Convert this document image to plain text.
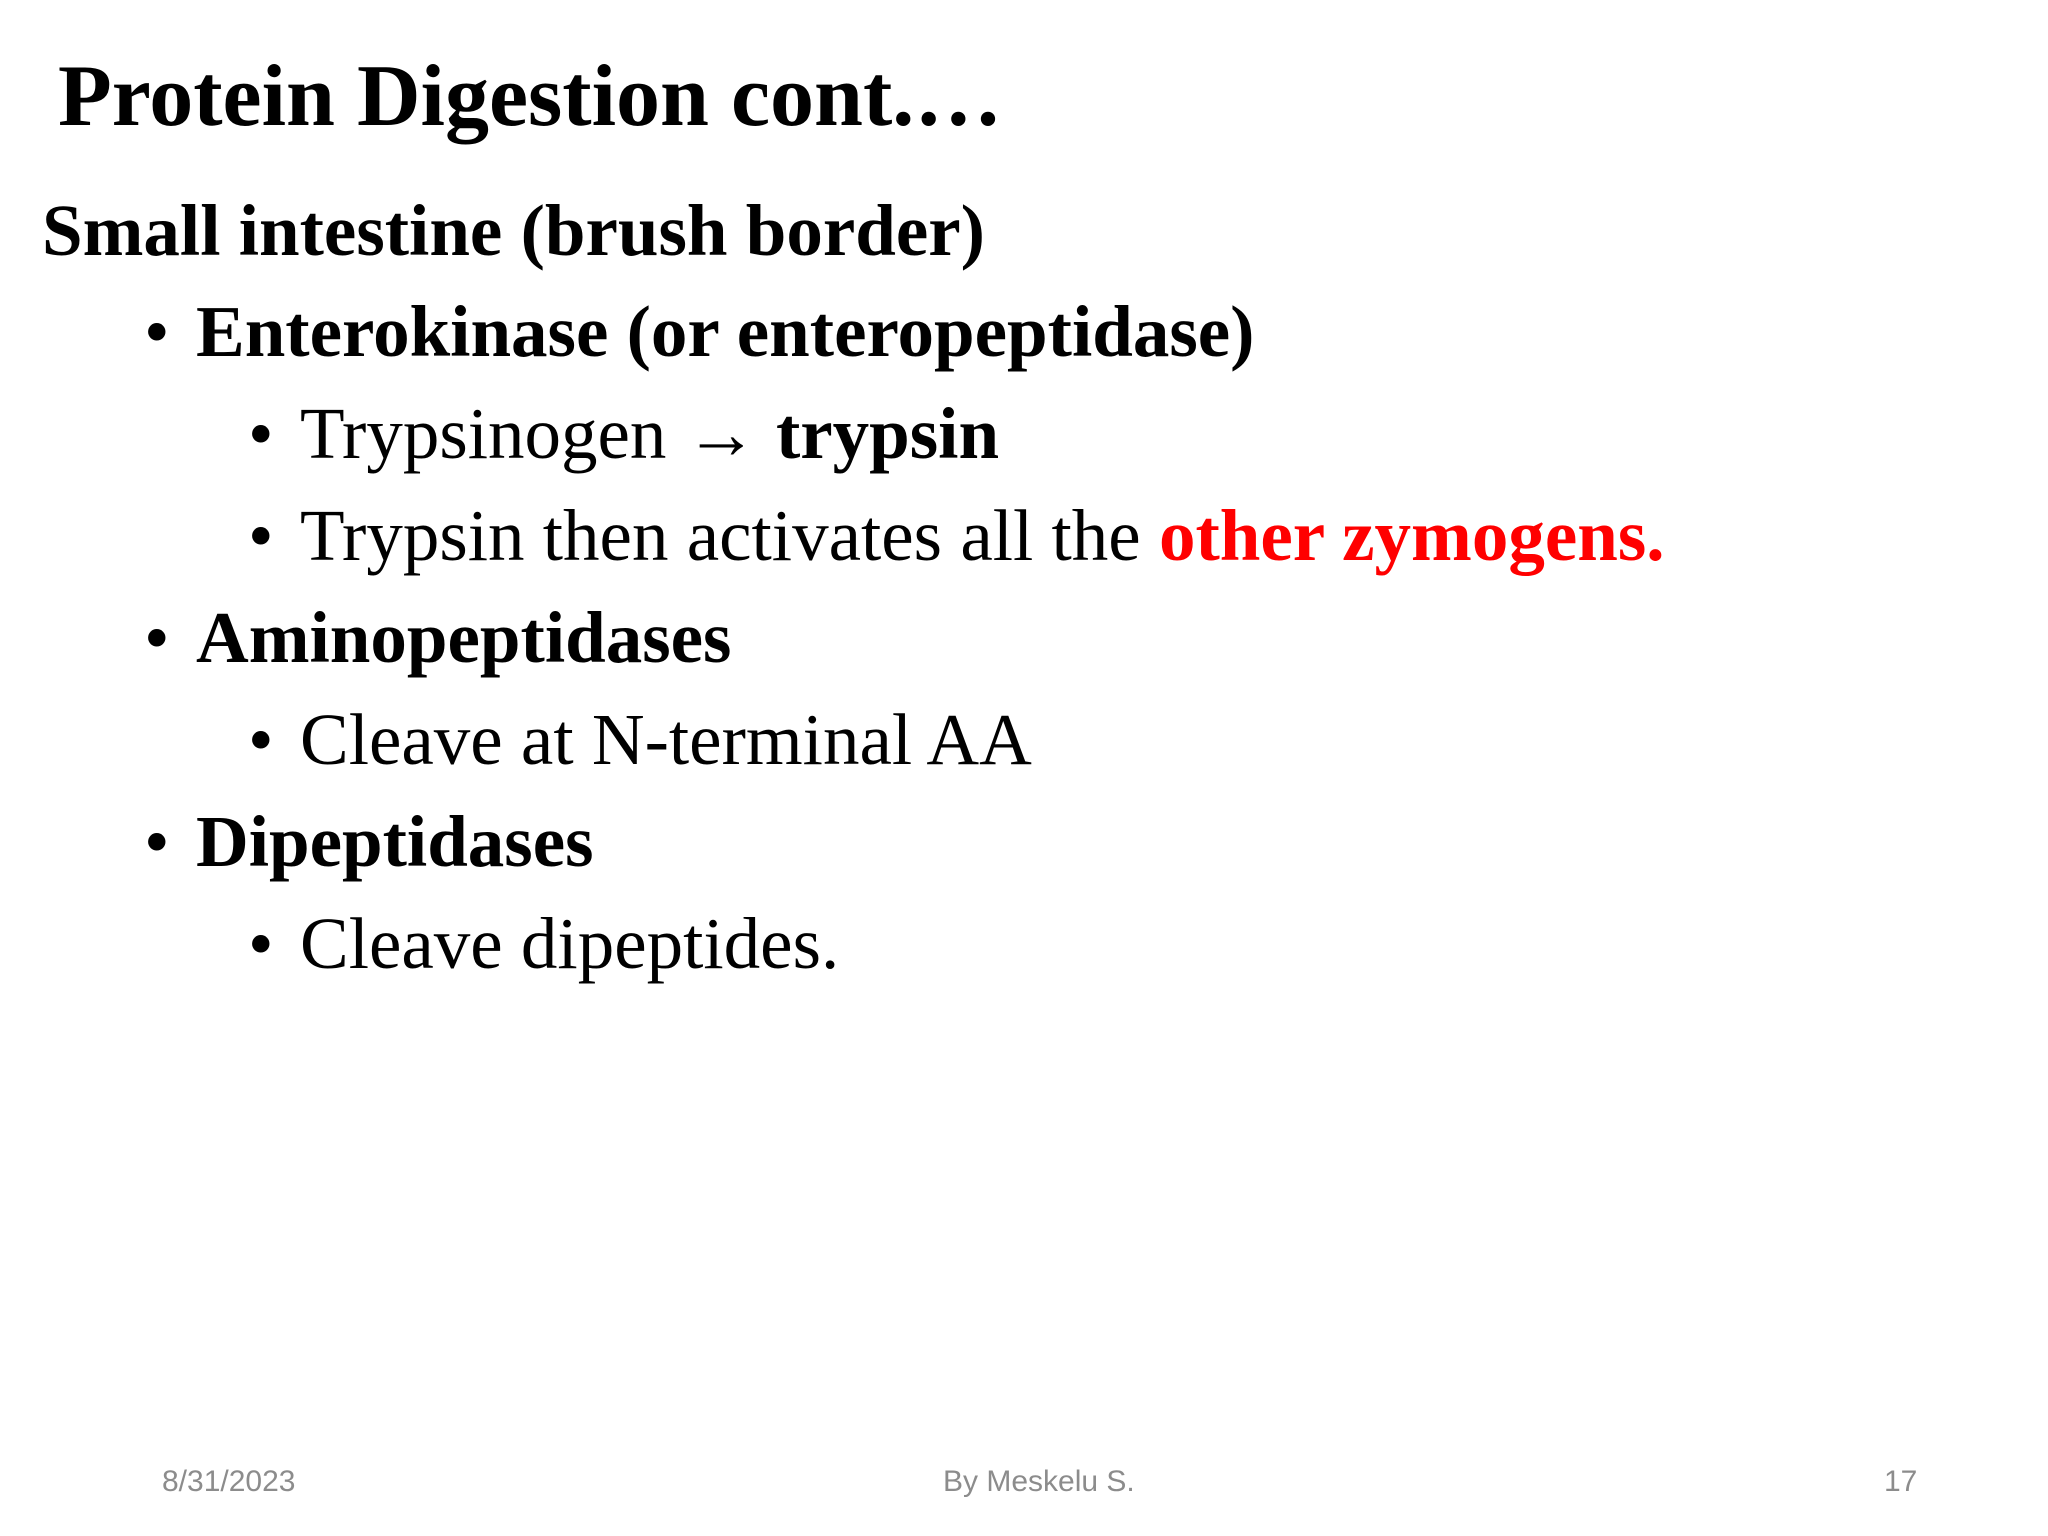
Protein Digestion cont.…
Small intestine (brush border)
• Enterokinase (or enteropeptidase)
• Trypsinogen → trypsin
• Trypsin then activates all the other zymogens.
• Aminopeptidases
• Cleave at N-terminal AA
• Dipeptidases
• Cleave dipeptides.
8/31/2023	By Meskelu S.	17
